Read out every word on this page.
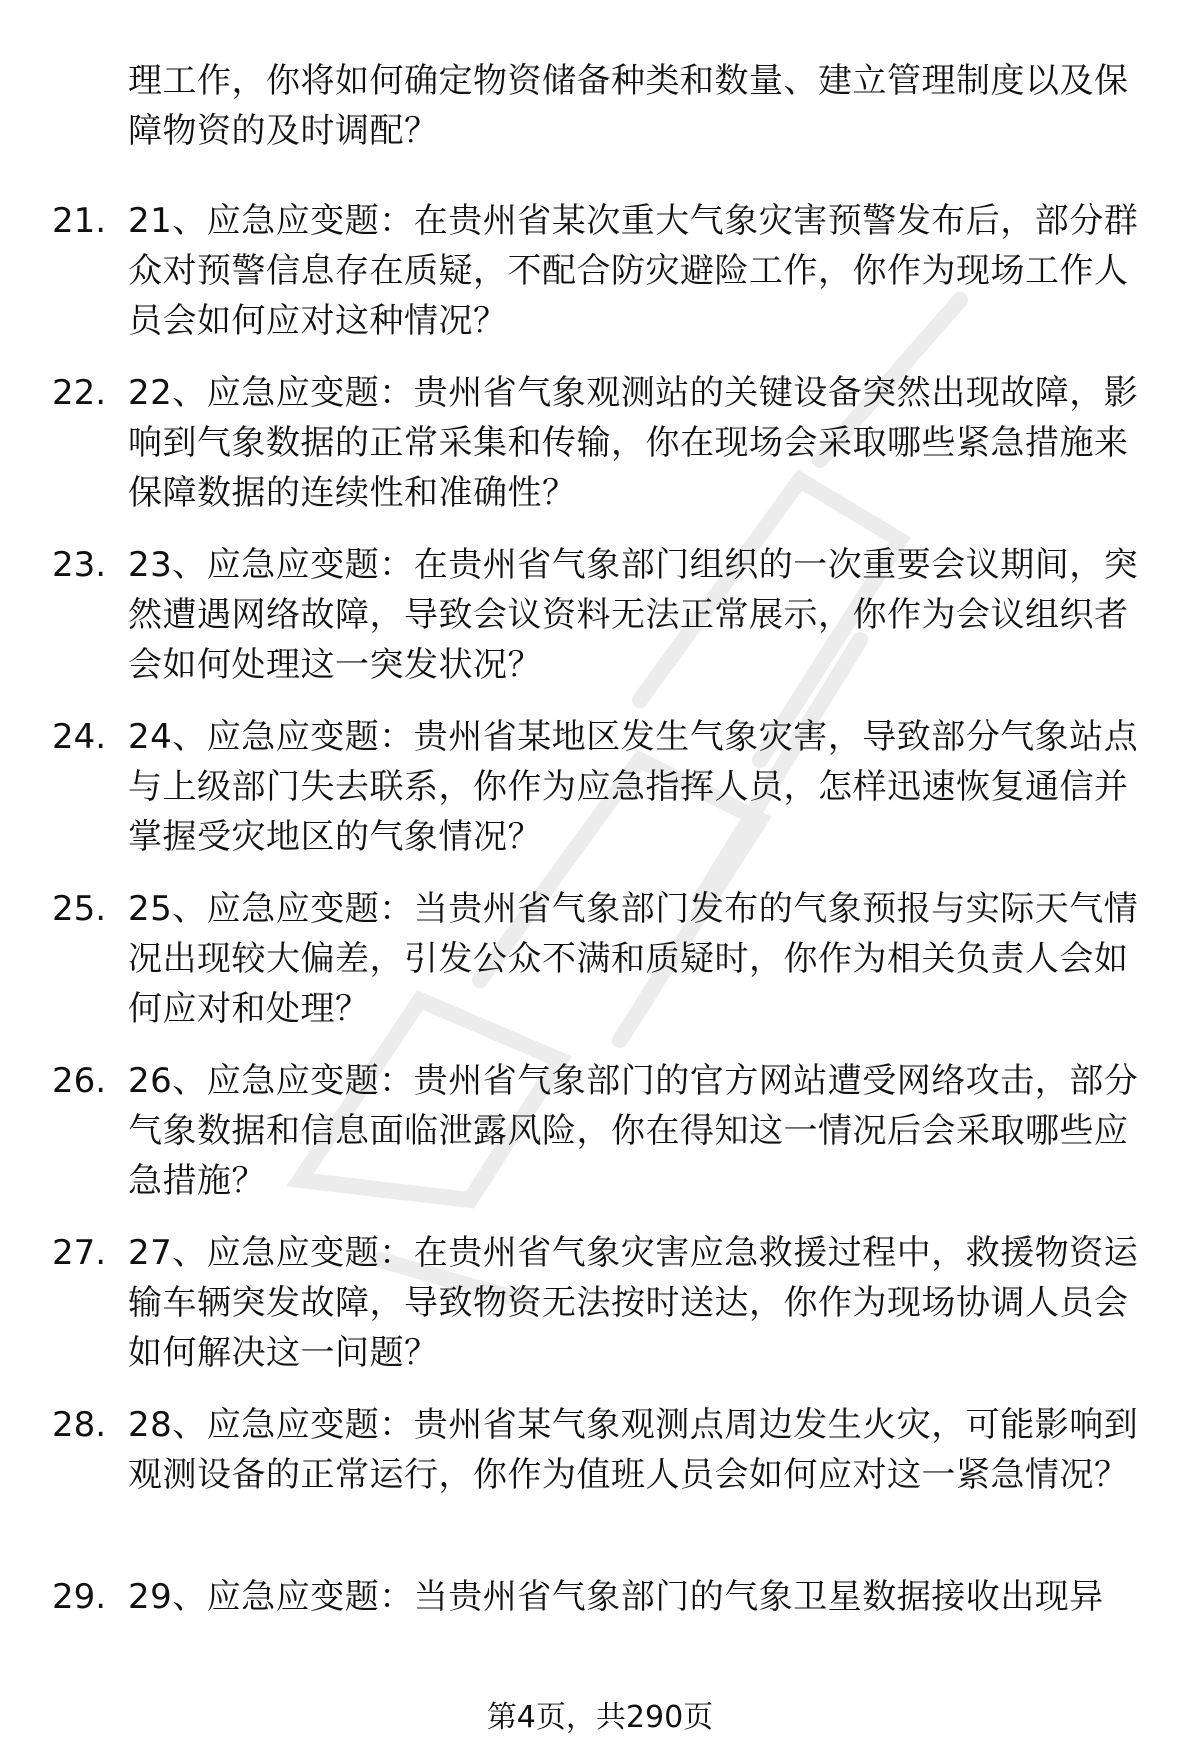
理工作，你将如何确定物资储备种类和数量、建立管理制度以及保障物资的及时调配？
21. 21、应急应变题：在贵州省某次重大气象灾害预警发布后，部分群众对预警信息存在质疑，不配合防灾避险工作，你作为现场工作人员会如何应对这种情况？
22. 22、应急应变题：贵州省气象观测站的关键设备突然出现故障，影响到气象数据的正常采集和传输，你在现场会采取哪些紧急措施来保障数据的连续性和准确性？
23. 23、应急应变题：在贵州省气象部门组织的一次重要会议期间，突然遭遇网络故障，导致会议资料无法正常展示，你作为会议组织者会如何处理这一突发状况？
24. 24、应急应变题：贵州省某地区发生气象灾害，导致部分气象站点与上级部门失去联系，你作为应急指挥人员，怎样迅速恢复通信并掌握受灾地区的气象情况？
25. 25、应急应变题：当贵州省气象部门发布的气象预报与实际天气情况出现较大偏差，引发公众不满和质疑时，你作为相关负责人会如何应对和处理？
26. 26、应急应变题：贵州省气象部门的官方网站遭受网络攻击，部分气象数据和信息面临泄露风险，你在得知这一情况后会采取哪些应急措施？
27. 27、应急应变题：在贵州省气象灾害应急救援过程中，救援物资运输车辆突发故障，导致物资无法按时送达，你作为现场协调人员会如何解决这一问题？
28. 28、应急应变题：贵州省某气象观测点周边发生火灾，可能影响到观测设备的正常运行，你作为值班人员会如何应对这一紧急情况？
29. 29、应急应变题：当贵州省气象部门的气象卫星数据接收出现异
第4页，共290页
